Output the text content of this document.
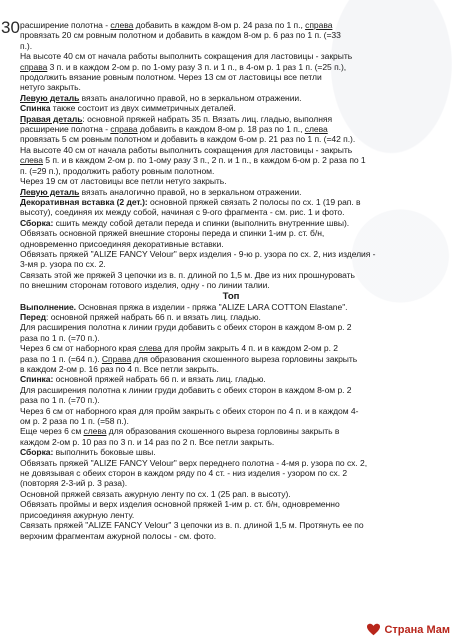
30 расширение полотна - слева добавить в каждом 8-ом р. 24 раза по 1 п., справа

провязать 20 см ровным полотном и добавить в каждом 8-ом р. 6 раз по 1 п. (=33

п.).

На высоте 40 см от начала работы выполнить сокращения для ластовицы - закрыть

справа 3 п. и в каждом 2-ом р. по 1-ому разу 3 п. и 1 п., в 4-ом р. 1 раз 1 п. (=25 п.),

продолжить вязание ровным полотном. Через 13 см от ластовицы все петли

нетуго закрыть.

Левую деталь вязать аналогично правой, но в зеркальном отражении.

Спинка также состоит из двух симметричных деталей.

Правая деталь: основной пряжей набрать 35 п. Вязать лиц. гладью, выполняя

расширение полотна - справа добавить в каждом 8-ом р. 18 раз по 1 п., слева

провязать 5 см ровным полотном и добавить в каждом 6-ом р. 21 раз по 1 п. (=42 п.).

На высоте 40 см от начала работы выполнить сокращения для ластовицы - закрыть

слева 5 п. и в каждом 2-ом р. по 1-ому разу 3 п., 2 п. и 1 п., в каждом 6-ом р. 2 раза по 1

п. (=29 п.), продолжить работу ровным полотном.

Через 19 см от ластовицы все петли нетуго закрыть.

Левую деталь вязать аналогично правой, но в зеркальном отражении.

Декоративная вставка (2 дет.): основной пряжей связать 2 полосы по сх. 1 (19 рап. в

высоту), соединяя их между собой, начиная с 9-ого фрагмента - см. рис. 1 и фото.

Сборка: сшить между собой детали переда и спинки (выполнить внутренние швы).

Обвязать основной пряжей внешние стороны переда и спинки 1-им р. ст. б/н,

одновременно присоединяя декоративные вставки.

Обвязать пряжей "ALIZE FANCY Velour" верх изделия - 9-ю р. узора по сх. 2, низ изделия -

3-мя р. узора по сх. 2.

Связать этой же пряжей 3 цепочки из в. п. длиной по 1,5 м. Две из них прошнуровать

по внешним сторонам готового изделия, одну - по линии талии.

Топ

Выполнение. Основная пряжа в изделии - пряжа "ALIZE LARA COTTON Elastane".

Перед: основной пряжей набрать 66 п. и вязать лиц. гладью.

Для расширения полотна к линии груди добавить с обеих сторон в каждом 8-ом р. 2

раза по 1 п. (=70 п.).

Через 6 см от наборного края слева для пройм закрыть 4 п. и в каждом 2-ом р. 2

раза по 1 п. (=64 п.). Справа для образования скошенного выреза горловины закрыть

в каждом 2-ом р. 16 раз по 4 п. Все петли закрыть.

Спинка: основной пряжей набрать 66 п. и вязать лиц. гладью.

Для расширения полотна к линии груди добавить с обеих сторон в каждом 8-ом р. 2

раза по 1 п. (=70 п.).

Через 6 см от наборного края для пройм закрыть с обеих сторон по 4 п. и в каждом 4-

ом р. 2 раза по 1 п. (=58 п.).

Еще через 6 см слева для образования скошенного выреза горловины закрыть в

каждом 2-ом р. 10 раз по 3 п. и 14 раз по 2 п. Все петли закрыть.

Сборка: выполнить боковые швы.

Обвязать пряжей "ALIZE FANCY Velour" верх переднего полотна - 4-мя р. узора по сх. 2,

не довязывая с обеих сторон в каждом ряду по 4 ст. - низ изделия - узором по сх. 2

(повторяя 2-3-ий р. 3 раза).

Основной пряжей связать ажурную ленту по сх. 1 (25 рап. в высоту).

Обвязать проймы и верх изделия основной пряжей 1-им р. ст. б/н, одновременно

присоединяя ажурную ленту.

Связать пряжей "ALIZE FANCY Velour" 3 цепочки из в. п. длиной 1,5 м. Протянуть ее по

верхним фрагментам ажурной полосы - см. фото.

Страна Мам
